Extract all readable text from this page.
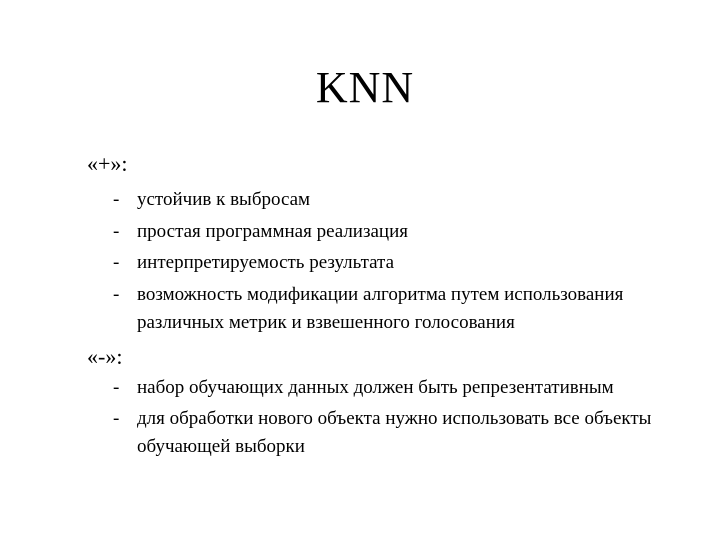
KNN
«+»:
- устойчив к выбросам
- простая программная реализация
- интерпретируемость результата
- возможность модификации алгоритма путем использования различных метрик и взвешенного голосования
«-»:
- набор обучающих данных должен быть репрезентативным
- для обработки нового объекта нужно использовать все объекты обучающей выборки
